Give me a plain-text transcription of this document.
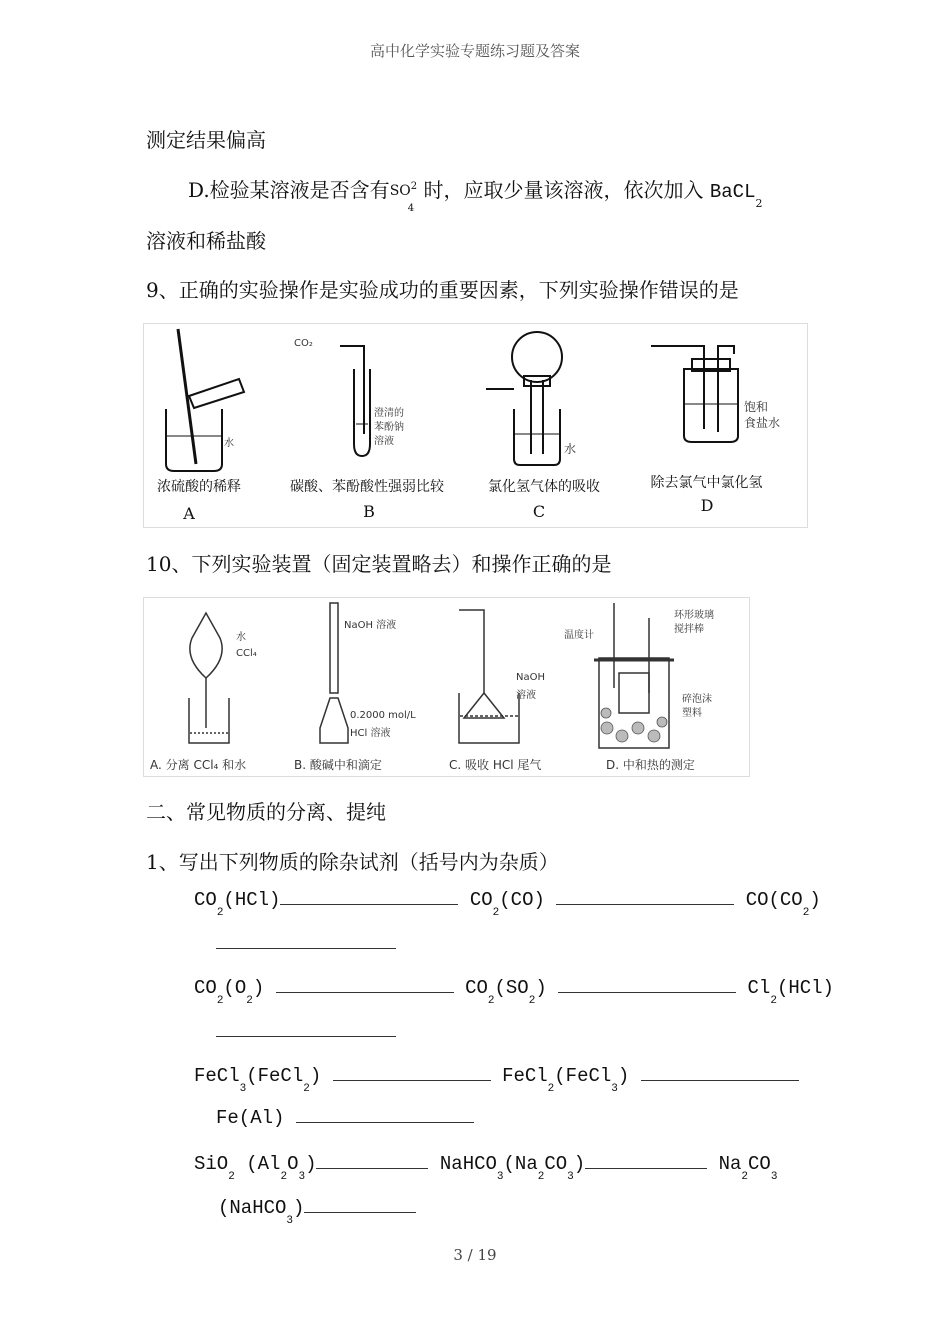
高中化学实验专题练习题及答案
测定结果偏高
D.检验某溶液是否含有$SO^2$
4
时，应取少量该溶液，依次加入 BaCL$_2$
溶液和稀盐酸
9、正确的实验操作是实验成功的重要因素，下列实验操作错误的是
水
CO₂
澄清的
苯酚钠
溶液
水
饱和
食盐水
浓硫酸的稀释	碳酸、苯酚酸性强弱比较	氯化氢气体的吸收	除去氯气中氯化氢
A	B	C	D
10、下列实验装置（固定装置略去）和操作正确的是
水
CCl₄
NaOH 溶液
0.2000 mol/L
HCl 溶液
NaOH
溶液
温度计
环形玻璃
搅拌棒
碎泡沫
塑料
A. 分离 CCl₄ 和水	B. 酸碱中和滴定	C. 吸收 HCl 尾气	D. 中和热的测定
二、常见物质的分离、提纯
1、写出下列物质的除杂试剂（括号内为杂质）
$CO_2(HCl)$	$CO_2(CO)$	$CO(CO_2)$
$CO_2(O_2)$	$CO_2(SO_2)$	$Cl_2(HCl)$
FeCl$_3$(FeCl$_2$)	FeCl$_2$(FeCl$_3$)
Fe(Al)
SiO$_2$ $(Al_2O_3)$	$NaHCO_3(Na_2CO_3)$	$Na_2CO_3$
(NaHCO$_3$)
3 / 19
